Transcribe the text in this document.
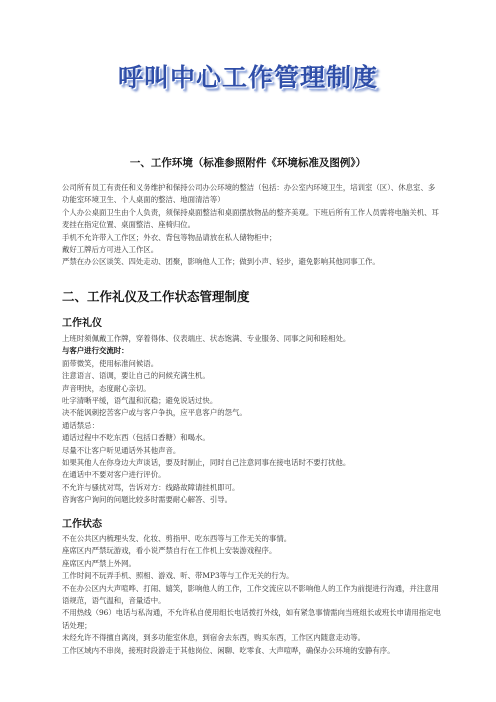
呼叫中心工作管理制度
一、工作环境（标准参照附件《环境标准及图例》）

公司所有员工有责任和义务维护和保持公司办公环境的整洁（包括：办公室内环境卫生，培训室（区）、休息室、多功能室环境卫生、个人桌面的整洁、地面清洁等）

个人办公桌面卫生由个人负责，须保持桌面整洁和桌面摆放物品的整齐美观。下班后所有工作人员需将电脑关机、耳麦挂在指定位置、桌面整洁、座椅归位。

手机不允许带入工作区；外衣、背包等物品请放在私人储物柜中；

戴好工牌后方可进入工作区。

严禁在办公区谈笑、四处走动、团聚，影响他人工作；做到小声、轻步，避免影响其他同事工作。

二、工作礼仪及工作状态管理制度
工作礼仪

上班时须佩戴工作牌，穿着得体、仪表端庄、状态饱满、专业服务、同事之间和睦相处。

与客户进行交流时：

面带微笑，使用标准问候语。

注意语言、语调，要让自己的问候充满生机。

声音明快，态度耐心亲切。

吐字清晰平缓，语气温和沉稳；避免说话过快。

决不能讽刺挖苦客户或与客户争执，应平息客户的怨气。

通话禁忌：

通话过程中不吃东西（包括口香糖）和喝水。

尽量不让客户听见通话外其他声音。

如果其他人在你身边大声谈话，要及时制止，同时自己注意同事在接电话时不要打扰他。

在通话中不要对客户进行评价。

不允许与骚扰对骂，告诉对方：线路故障请挂机即可。

咨询客户询问的问题比较多时需要耐心解答、引导。

工作状态

不在公共区内梳理头发、化妆、剪指甲、吃东西等与工作无关的事情。

座席区内严禁玩游戏，看小说严禁自行在工作机上安装游戏程序。

座席区内严禁上外网。

工作时间不玩弄手机、照相、游戏、听、带MP3等与工作无关的行为。

不在办公区内大声喧哗、打闹、嬉笑，影响他人的工作，工作交流应以不影响他人的工作为前提进行沟通，并注意用语规范，语气温和，音量适中。

不用热线（96）电话与私沟通，不允许私自使用组长电话拨打外线，如有紧急事情需向当班组长或班长申请用指定电话处理；

未经允许不得擅自离岗，到多功能室休息，到宿舍去东西，购买东西，工作区内随意走动等。

工作区域内不串岗，接班时段游走于其他岗位、闲聊、吃零食、大声喧哗，确保办公环境的安静有序。
